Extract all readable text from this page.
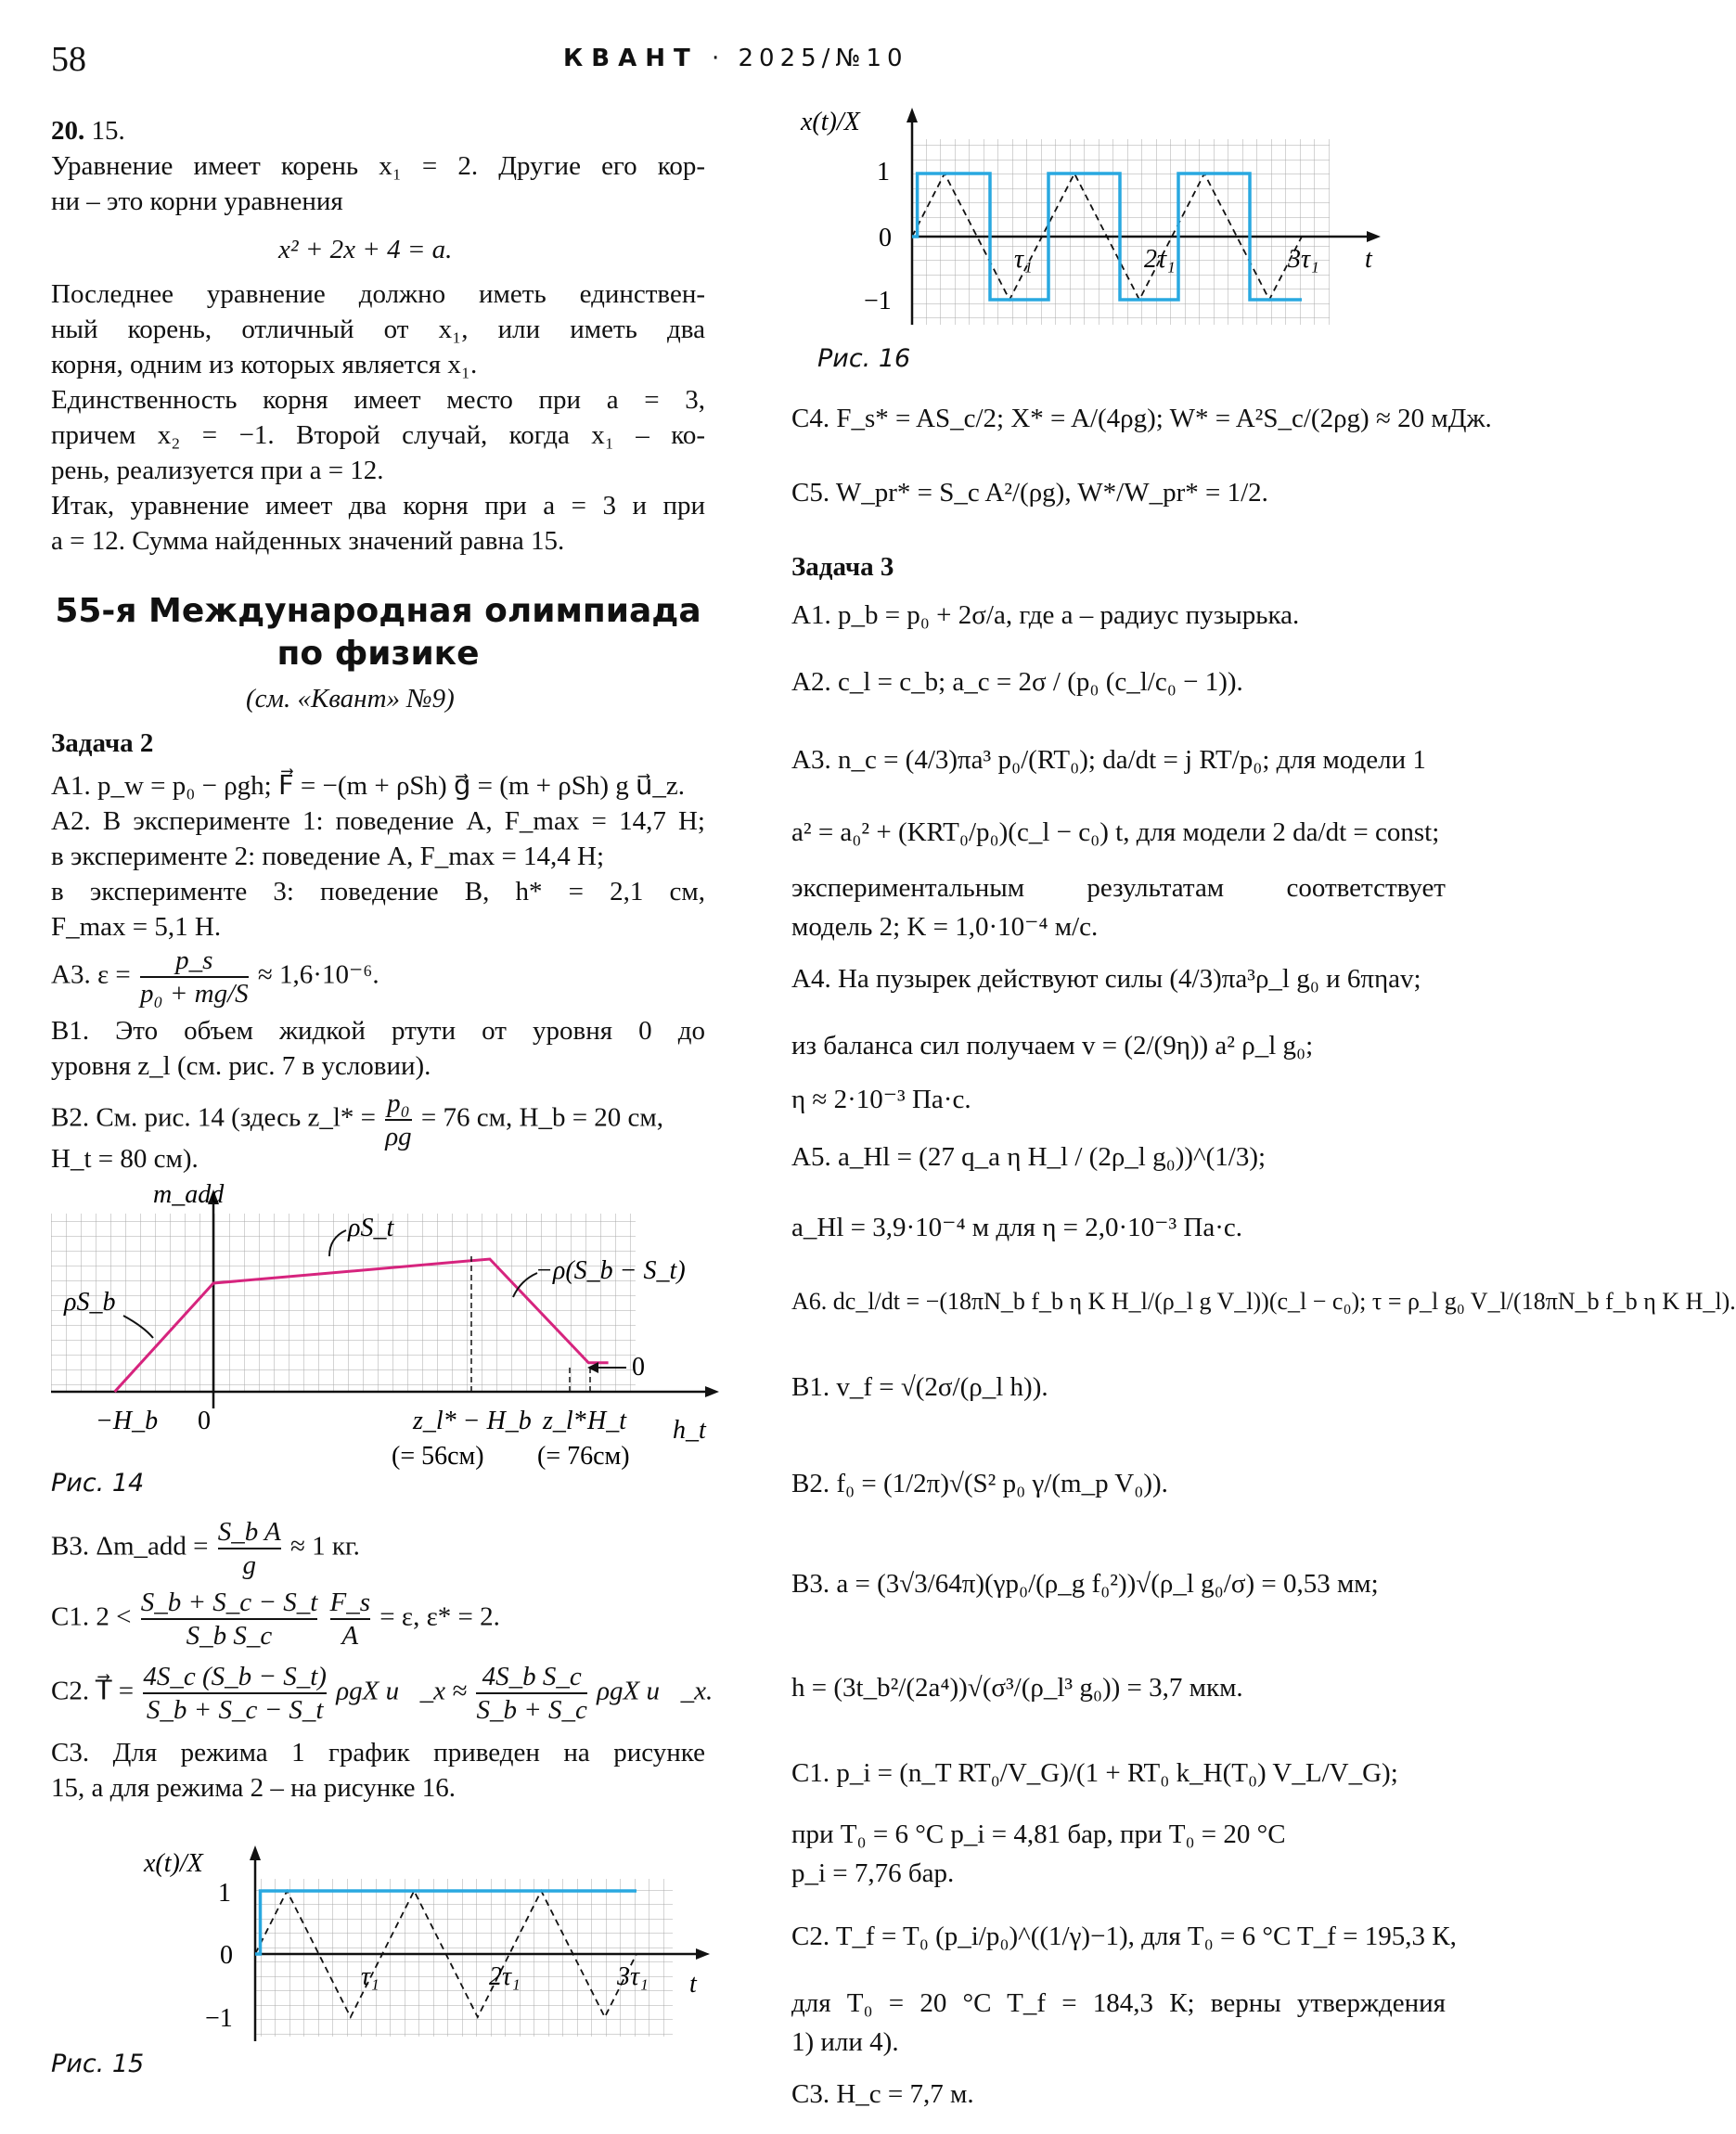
58	КВАНТ · 2025/№10
20. 15.
Уравнение имеет корень x₁ = 2. Другие его кор-
ни – это корни уравнения
x² + 2x + 4 = a.
Последнее уравнение должно иметь единствен-
ный корень, отличный от x₁, или иметь два
корня, одним из которых является x₁.
Единственность корня имеет место при a = 3,
причем x₂ = −1. Второй случай, когда x₁ – ко-
рень, реализуется при a = 12.
Итак, уравнение имеет два корня при a = 3 и при
a = 12. Сумма найденных значений равна 15.
55-я Международная олимпиада
по физике
(см. «Квант» №9)
Задача 2
A1. p_w = p₀ − ρgh; F⃗ = −(m + ρSh) g⃗ = (m + ρSh) g u⃗_z.
A2. В эксперименте 1: поведение A, F_max = 14,7 Н;
в эксперименте 2: поведение A, F_max = 14,4 Н;
в эксперименте 3: поведение B, h* = 2,1 см,
F_max = 5,1 Н.
A3. $\varepsilon = \frac{p\_s}{\text{p₀ + mg/S}} \approx 1,6\cdot 10^{-6}$.
B1. Это объем жидкой ртути от уровня 0 до
уровня z_l (см. рис. 7 в условии).
B2. См. рис. 14 (здесь z_l* = $\frac{\text{p₀}}{\rho g} = 76$ см, H_b = 20 см,
H_t = 80 см).
m_add
h_t
ρS_b
ρS_t
−ρ(S_b − S_t)
0
−H_b 0	z_l* − H_b z_l* H_t
(= 56см) (= 76см)
Рис. 14
B3. Δm_add = $\frac{\text{S\_b A}}{g} \approx 1$ кг.
C1. $2 < \frac{S\_b + S\_c - S\_t}{\text{S\_b S\_c}}$
$\frac{F\_s}{A} = \varepsilon$, ε* = 2.
C2. T⃗ = $\frac{4S\_c (S\_b - S\_t)}{S\_b + S\_c - S\_t}$ ρgX u⃗_x ≈ $\frac{\text{4S\_b S\_c}}{S\_b + S\_c}$ ρgX u⃗_x.
C3. Для режима 1 график приведен на рисунке
15, а для режима 2 – на рисунке 16.
x(t)/X
t
1
0
−1
τ₁	2τ₁	3τ₁
Рис. 15
x(t)/X
t
1
0
−1
τ₁	2τ₁	3τ₁
Рис. 16
C4. F_s* = AS_c/2; X* = A/(4ρg); W* = A²S_c/(2ρg) ≈ 20 мДж.
C5. W_pr* = S_c A²/(ρg), W*/W_pr* = 1/2.
Задача 3
A1. p_b = p₀ + 2σ/a, где a – радиус пузырька.
A2. c_l = c_b; a_c = 2σ / (p₀ (c_l/c₀ − 1)).
A3. n_c = (4/3)πa³ p₀/(RT₀); da/dt = j RT/p₀; для модели 1
a² = a₀² + (KRT₀/p₀)(c_l − c₀) t, для модели 2 da/dt = const;
экспериментальным результатам соответствует
модель 2; K = 1,0·10⁻⁴ м/с.
A4. На пузырек действуют силы (4/3)πa³ρ_l g₀ и 6πηav;
из баланса сил получаем v = (2/(9η)) a² ρ_l g₀;
η ≈ 2·10⁻³ Па·с.
A5. a_Hl = (27 q_a η H_l / (2ρ_l g₀))^(1/3);
a_Hl = 3,9·10⁻⁴ м для η = 2,0·10⁻³ Па·с.
A6. dc_l/dt = −(18πN_b f_b η K H_l/(ρ_l g V_l))(c_l − c₀); τ = ρ_l g₀ V_l/(18πN_b f_b η K H_l).
B1. v_f = √(2σ/(ρ_l h)).
B2. f₀ = (1/2π)√(S² p₀ γ/(m_p V₀)).
B3. a = (3√3/64π)(γp₀/(ρ_g f₀²))√(ρ_l g₀/σ) = 0,53 мм;
h = (3t_b²/(2a⁴))√(σ³/(ρ_l³ g₀)) = 3,7 мкм.
C1. p_i = (n_T RT₀/V_G)/(1 + RT₀ k_H(T₀) V_L/V_G);
при T₀ = 6 °C p_i = 4,81 бар, при T₀ = 20 °C
p_i = 7,76 бар.
C2. T_f = T₀ (p_i/p₀)^((1/γ)−1), для T₀ = 6 °C T_f = 195,3 К,
для T₀ = 20 °C T_f = 184,3 К; верны утверждения
1) или 4).
C3. H_c = 7,7 м.
